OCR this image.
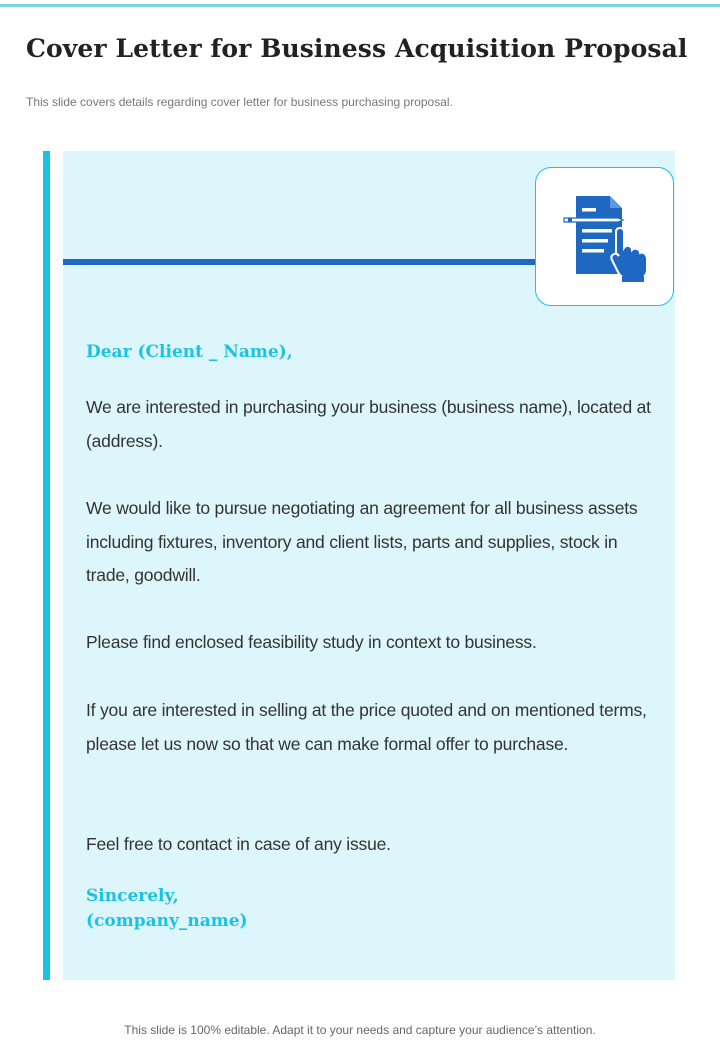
Cover Letter for Business Acquisition Proposal

This slide covers details regarding cover letter for business purchasing proposal.

Dear (Client _ Name),

We are interested in purchasing your business (business name), located at (address).

We would like to pursue negotiating an agreement for all business assets including fixtures, inventory and client lists, parts and supplies, stock in trade, goodwill.

Please find enclosed feasibility study in context to business.

If you are interested in selling at the price quoted and on mentioned terms, please let us now so that we can make formal offer to purchase.

Feel free to contact in case of any issue.

Sincerely,
(company_name)

This slide is 100% editable. Adapt it to your needs and capture your audience’s attention.
